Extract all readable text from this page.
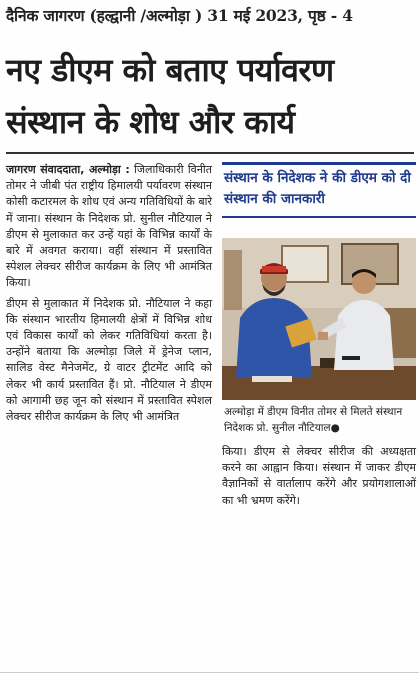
दैनिक जागरण (हल्द्वानी /अल्मोड़ा ) 31 मई 2023, पृष्ठ - 4
नए डीएम को बताए पर्यावरण संस्थान के शोध और कार्य

जागरण संवाददाता, अल्मोड़ा : जिलाधिकारी विनीत तोमर ने जीबी पंत राष्ट्रीय हिमालयी पर्यावरण संस्थान कोसी कटारमल के शोध एवं अन्य गतिविधियों के बारे में जाना। संस्थान के निदेशक प्रो. सुनील नौटियाल ने डीएम से मुलाकात कर उन्हें यहां के विभिन्न कार्यों के बारे में अवगत कराया। वहीं संस्थान में प्रस्तावित स्पेशल लेक्चर सीरीज कार्यक्रम के लिए भी आमंत्रित किया।

डीएम से मुलाकात में निदेशक प्रो. नौटियाल ने कहा कि संस्थान भारतीय हिमालयी क्षेत्रों में विभिन्न शोध एवं विकास कार्यों को लेकर गतिविधियां करता है। उन्होंने बताया कि अल्मोड़ा जिले में ड्रेनेज प्लान, सालिड वेस्ट मैनेजमेंट, ग्रे वाटर ट्रीटमेंट आदि को लेकर भी कार्य प्रस्तावित हैं। प्रो. नौटियाल ने डीएम को आगामी छह जून को संस्थान में प्रस्तावित स्पेशल लेक्चर सीरीज कार्यक्रम के लिए भी आमंत्रित

संस्थान के निदेशक ने की डीएम को दी संस्थान की जानकारी
अल्मोड़ा में डीएम विनीत तोमर से मिलते संस्थान निदेशक प्रो. सुनील नौटियाल●

किया। डीएम से लेक्चर सीरीज की अध्यक्षता करने का आह्वान किया। संस्थान में जाकर डीएम वैज्ञानिकों से वार्तालाप करेंगे और प्रयोगशालाओं का भी भ्रमण करेंगे।
